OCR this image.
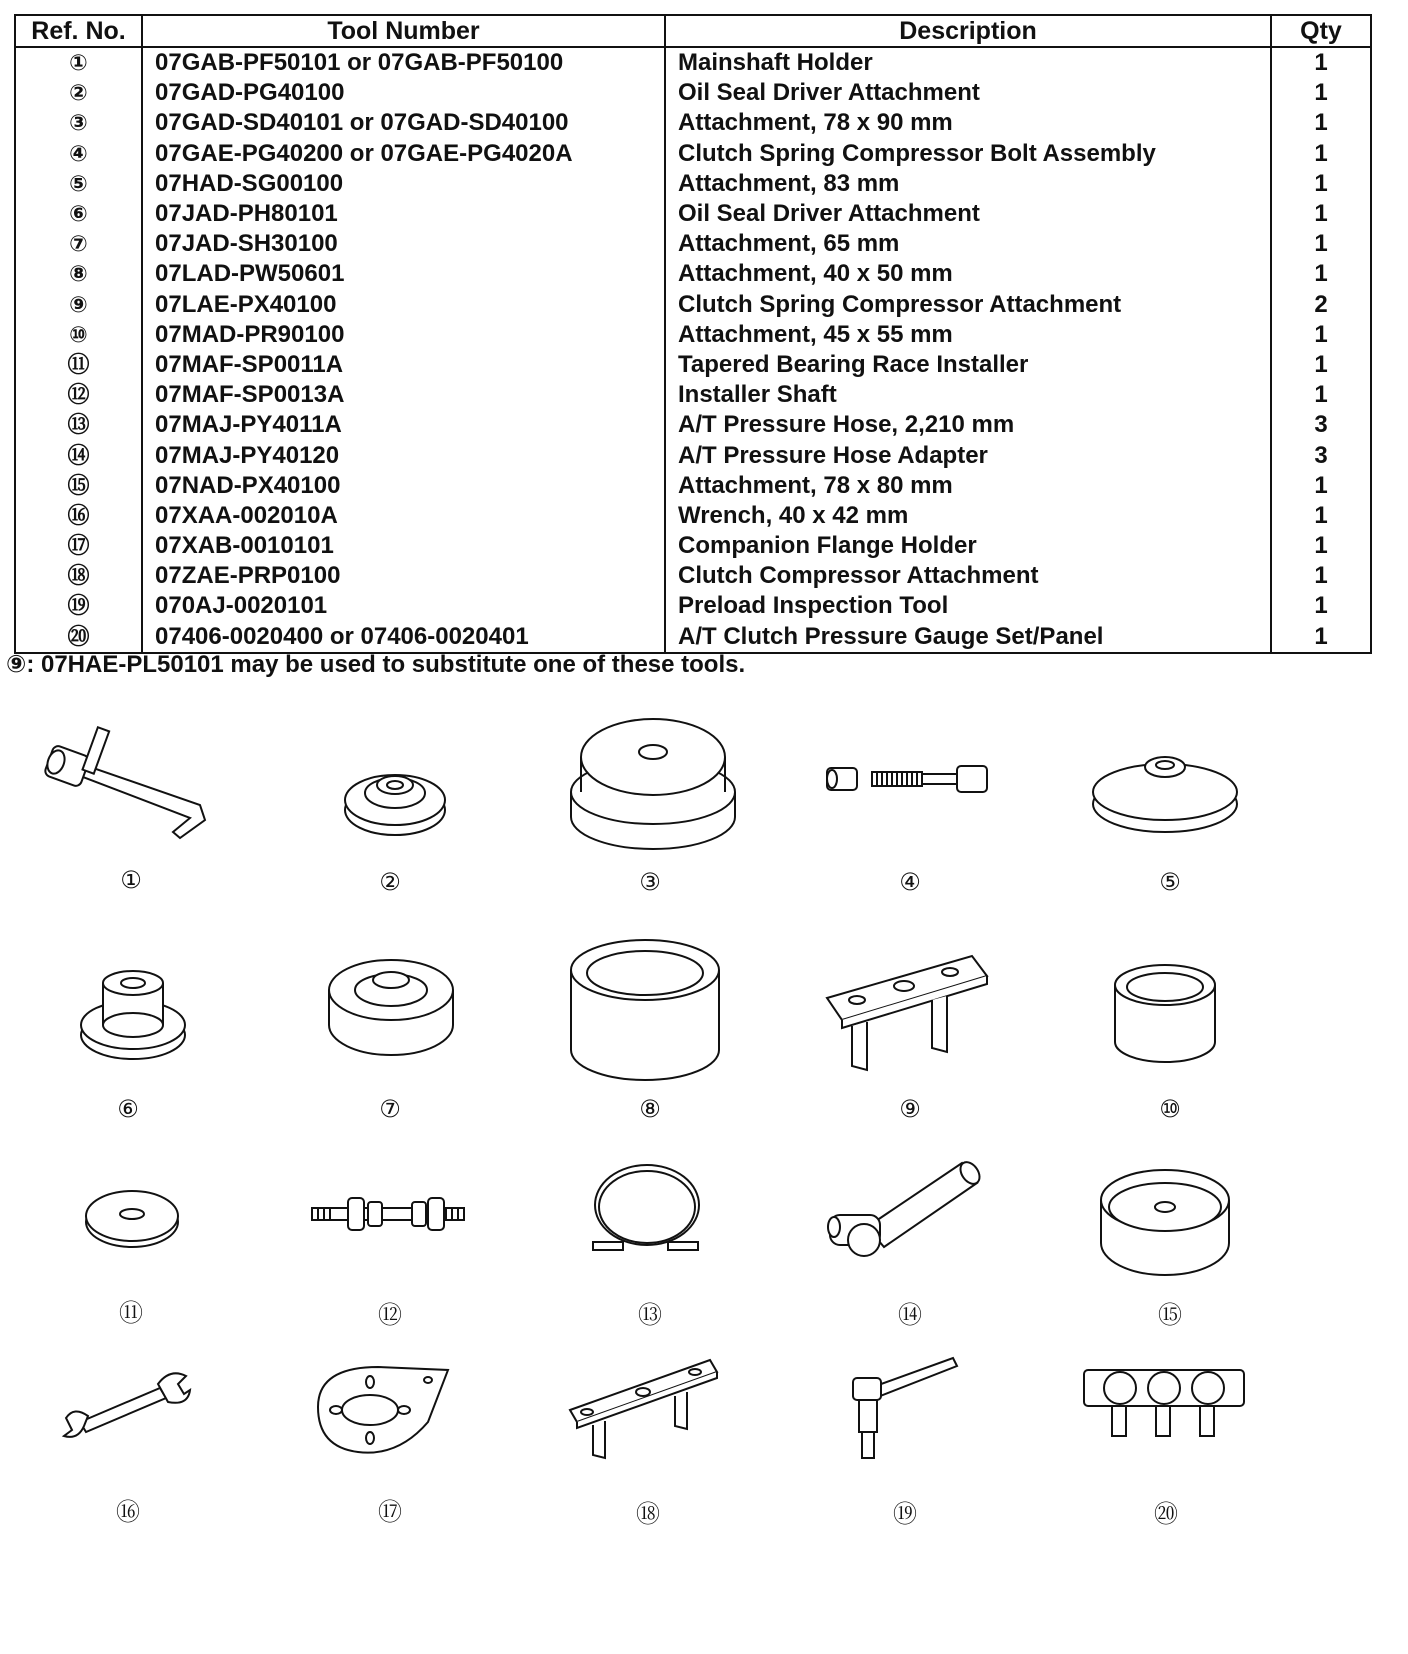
Ref. No.	Tool Number	Description	Qty
①	07GAB-PF50101 or 07GAB-PF50100	Mainshaft Holder	1
②	07GAD-PG40100	Oil Seal Driver Attachment	1
③	07GAD-SD40101 or 07GAD-SD40100	Attachment, 78 x 90 mm	1
④	07GAE-PG40200 or 07GAE-PG4020A	Clutch Spring Compressor Bolt Assembly	1
⑤	07HAD-SG00100	Attachment, 83 mm	1
⑥	07JAD-PH80101	Oil Seal Driver Attachment	1
⑦	07JAD-SH30100	Attachment, 65 mm	1
⑧	07LAD-PW50601	Attachment, 40 x 50 mm	1
⑨	07LAE-PX40100	Clutch Spring Compressor Attachment	2
⑩	07MAD-PR90100	Attachment, 45 x 55 mm	1
⑪	07MAF-SP0011A	Tapered Bearing Race Installer	1
⑫	07MAF-SP0013A	Installer Shaft	1
⑬	07MAJ-PY4011A	A/T Pressure Hose, 2,210 mm	3
⑭	07MAJ-PY40120	A/T Pressure Hose Adapter	3
⑮	07NAD-PX40100	Attachment, 78 x 80 mm	1
⑯	07XAA-002010A	Wrench, 40 x 42 mm	1
⑰	07XAB-0010101	Companion Flange Holder	1
⑱	07ZAE-PRP0100	Clutch Compressor Attachment	1
⑲	070AJ-0020101	Preload Inspection Tool	1
⑳	07406-0020400 or 07406-0020401	A/T Clutch Pressure Gauge Set/Panel	1
⑨: 07HAE-PL50101 may be used to substitute one of these tools.
①	②	③	④	⑤
⑥	⑦	⑧	⑨	⑩
⑪	⑫	⑬	⑭	⑮
⑯	⑰	⑱	⑲	⑳
